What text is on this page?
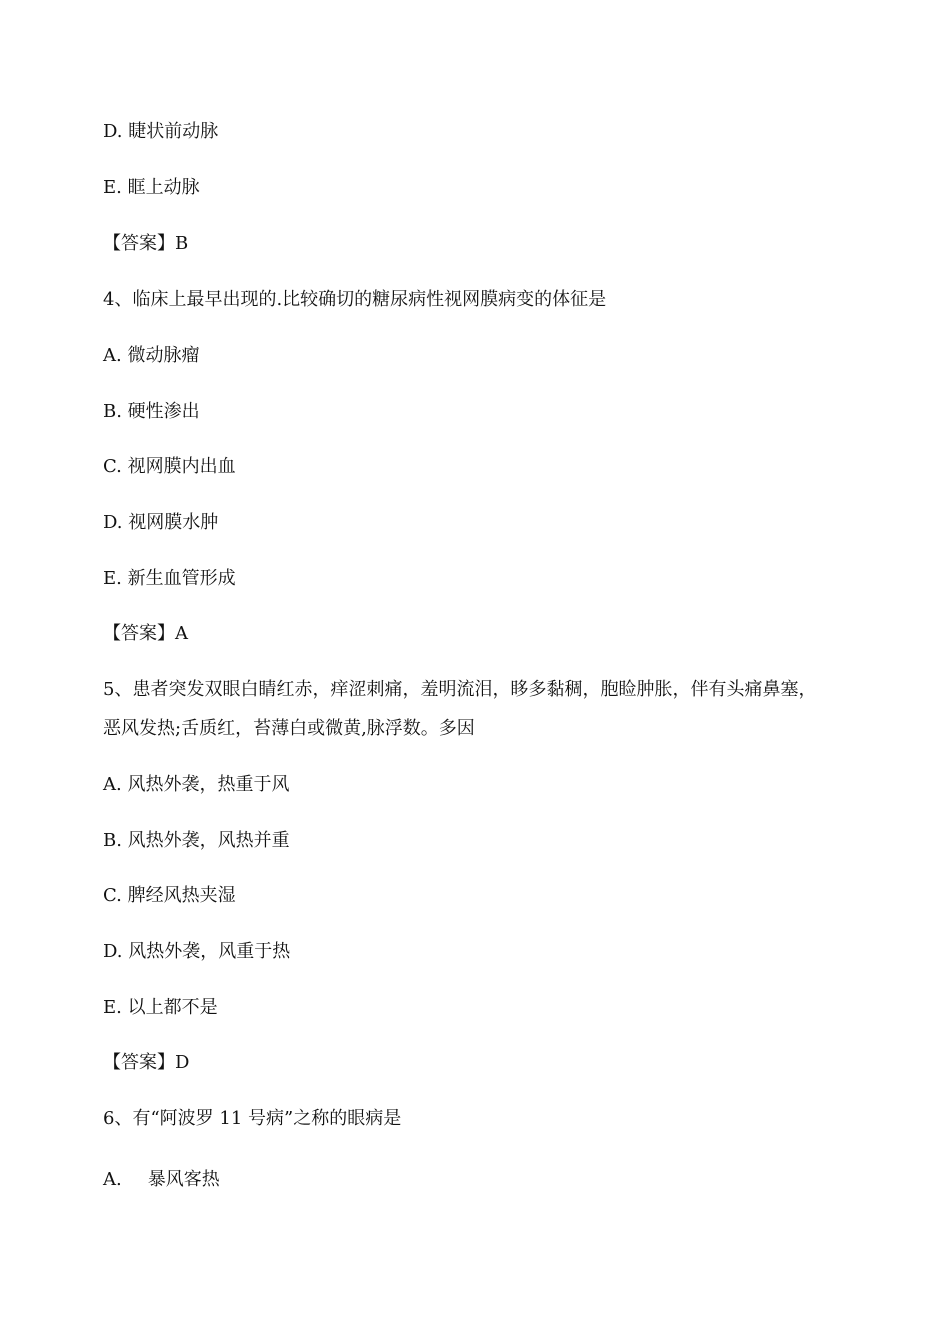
D. 睫状前动脉
E. 眶上动脉
【答案】B
4、临床上最早出现的.比较确切的糖尿病性视网膜病变的体征是
A. 微动脉瘤
B. 硬性渗出
C. 视网膜内出血
D. 视网膜水肿
E. 新生血管形成
【答案】A
5、患者突发双眼白睛红赤，痒涩刺痛，羞明流泪，眵多黏稠，胞睑肿胀，伴有头痛鼻塞，
恶风发热;舌质红，苔薄白或微黄,脉浮数。多因
A. 风热外袭，热重于风
B. 风热外袭，风热并重
C. 脾经风热夹湿
D. 风热外袭，风重于热
E. 以上都不是
【答案】D
6、有“阿波罗 11 号病”之称的眼病是
A. 暴风客热
